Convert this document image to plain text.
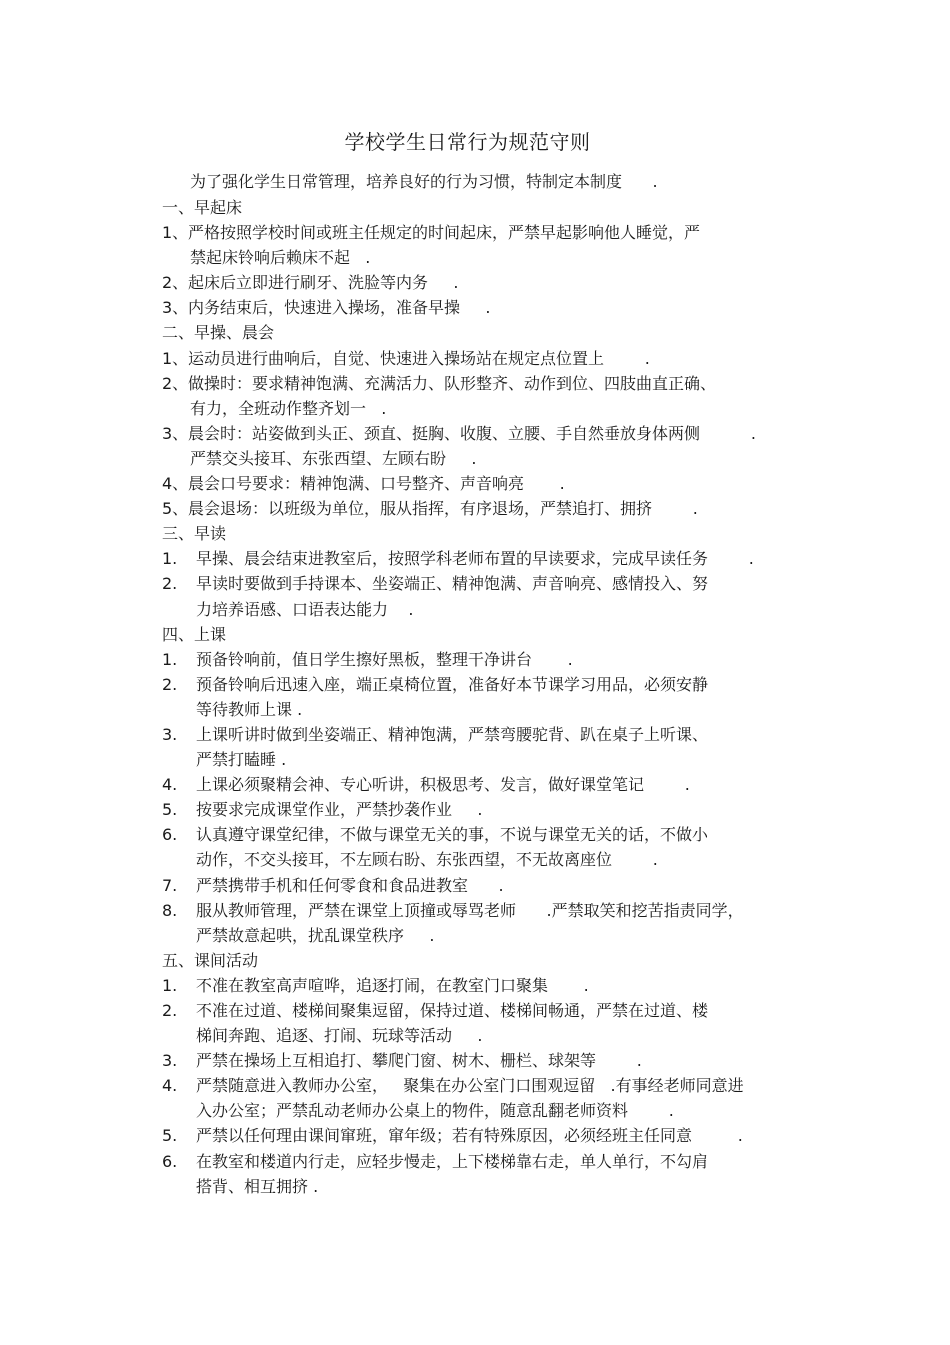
学校学生日常行为规范守则
为了强化学生日常管理，培养良好的行为习惯，特制定本制度      .
一、早起床
1、 严格按照学校时间或班主任规定的时间起床，严禁早起影响他人睡觉，严
禁起床铃响后赖床不起   .
2、 起床后立即进行刷牙、洗脸等内务     .
3、 内务结束后，快速进入操场，准备早操     .
二、早操、晨会
1、 运动员进行曲响后，自觉、快速进入操场站在规定点位置上        .
2、 做操时：要求精神饱满、充满活力、队形整齐、动作到位、四肢曲直正确、
有力，全班动作整齐划一   .
3、 晨会时：站姿做到头正、颈直、挺胸、收腹、立腰、手自然垂放身体两侧          .
严禁交头接耳、东张西望、左顾右盼     .
4、 晨会口号要求：精神饱满、口号整齐、声音响亮       .
5、 晨会退场：以班级为单位，服从指挥，有序退场，严禁追打、拥挤        .
三、早读
1. 早操、晨会结束进教室后，按照学科老师布置的早读要求，完成早读任务        .
2. 早读时要做到手持课本、坐姿端正、精神饱满、声音响亮、感情投入、努
力培养语感、口语表达能力    .
四、上课
1. 预备铃响前，值日学生擦好黑板，整理干净讲台       .
2. 预备铃响后迅速入座，端正桌椅位置，准备好本节课学习用品，必须安静
等待教师上课 .
3. 上课听讲时做到坐姿端正、精神饱满，严禁弯腰驼背、趴在桌子上听课、
严禁打瞌睡 .
4. 上课必须聚精会神、专心听讲，积极思考、发言，做好课堂笔记        .
5. 按要求完成课堂作业，严禁抄袭作业     .
6. 认真遵守课堂纪律，不做与课堂无关的事，不说与课堂无关的话，不做小
动作，不交头接耳，不左顾右盼、东张西望，不无故离座位        .
7. 严禁携带手机和任何零食和食品进教室      .
8. 服从教师管理，严禁在课堂上顶撞或辱骂老师      .严禁取笑和挖苦指责同学，
严禁故意起哄，扰乱课堂秩序     .
五、课间活动
1. 不准在教室高声喧哗，追逐打闹，在教室门口聚集       .
2. 不准在过道、楼梯间聚集逗留，保持过道、楼梯间畅通，严禁在过道、楼
梯间奔跑、追逐、打闹、玩球等活动     .
3. 严禁在操场上互相追打、攀爬门窗、树木、栅栏、球架等        .
4. 严禁随意进入教师办公室，   聚集在办公室门口围观逗留   .有事经老师同意进
入办公室；严禁乱动老师办公桌上的物件，随意乱翻老师资料        .
5. 严禁以任何理由课间窜班，窜年级；若有特殊原因，必须经班主任同意         .
6. 在教室和楼道内行走，应轻步慢走，上下楼梯靠右走，单人单行，不勾肩
搭背、相互拥挤 .
